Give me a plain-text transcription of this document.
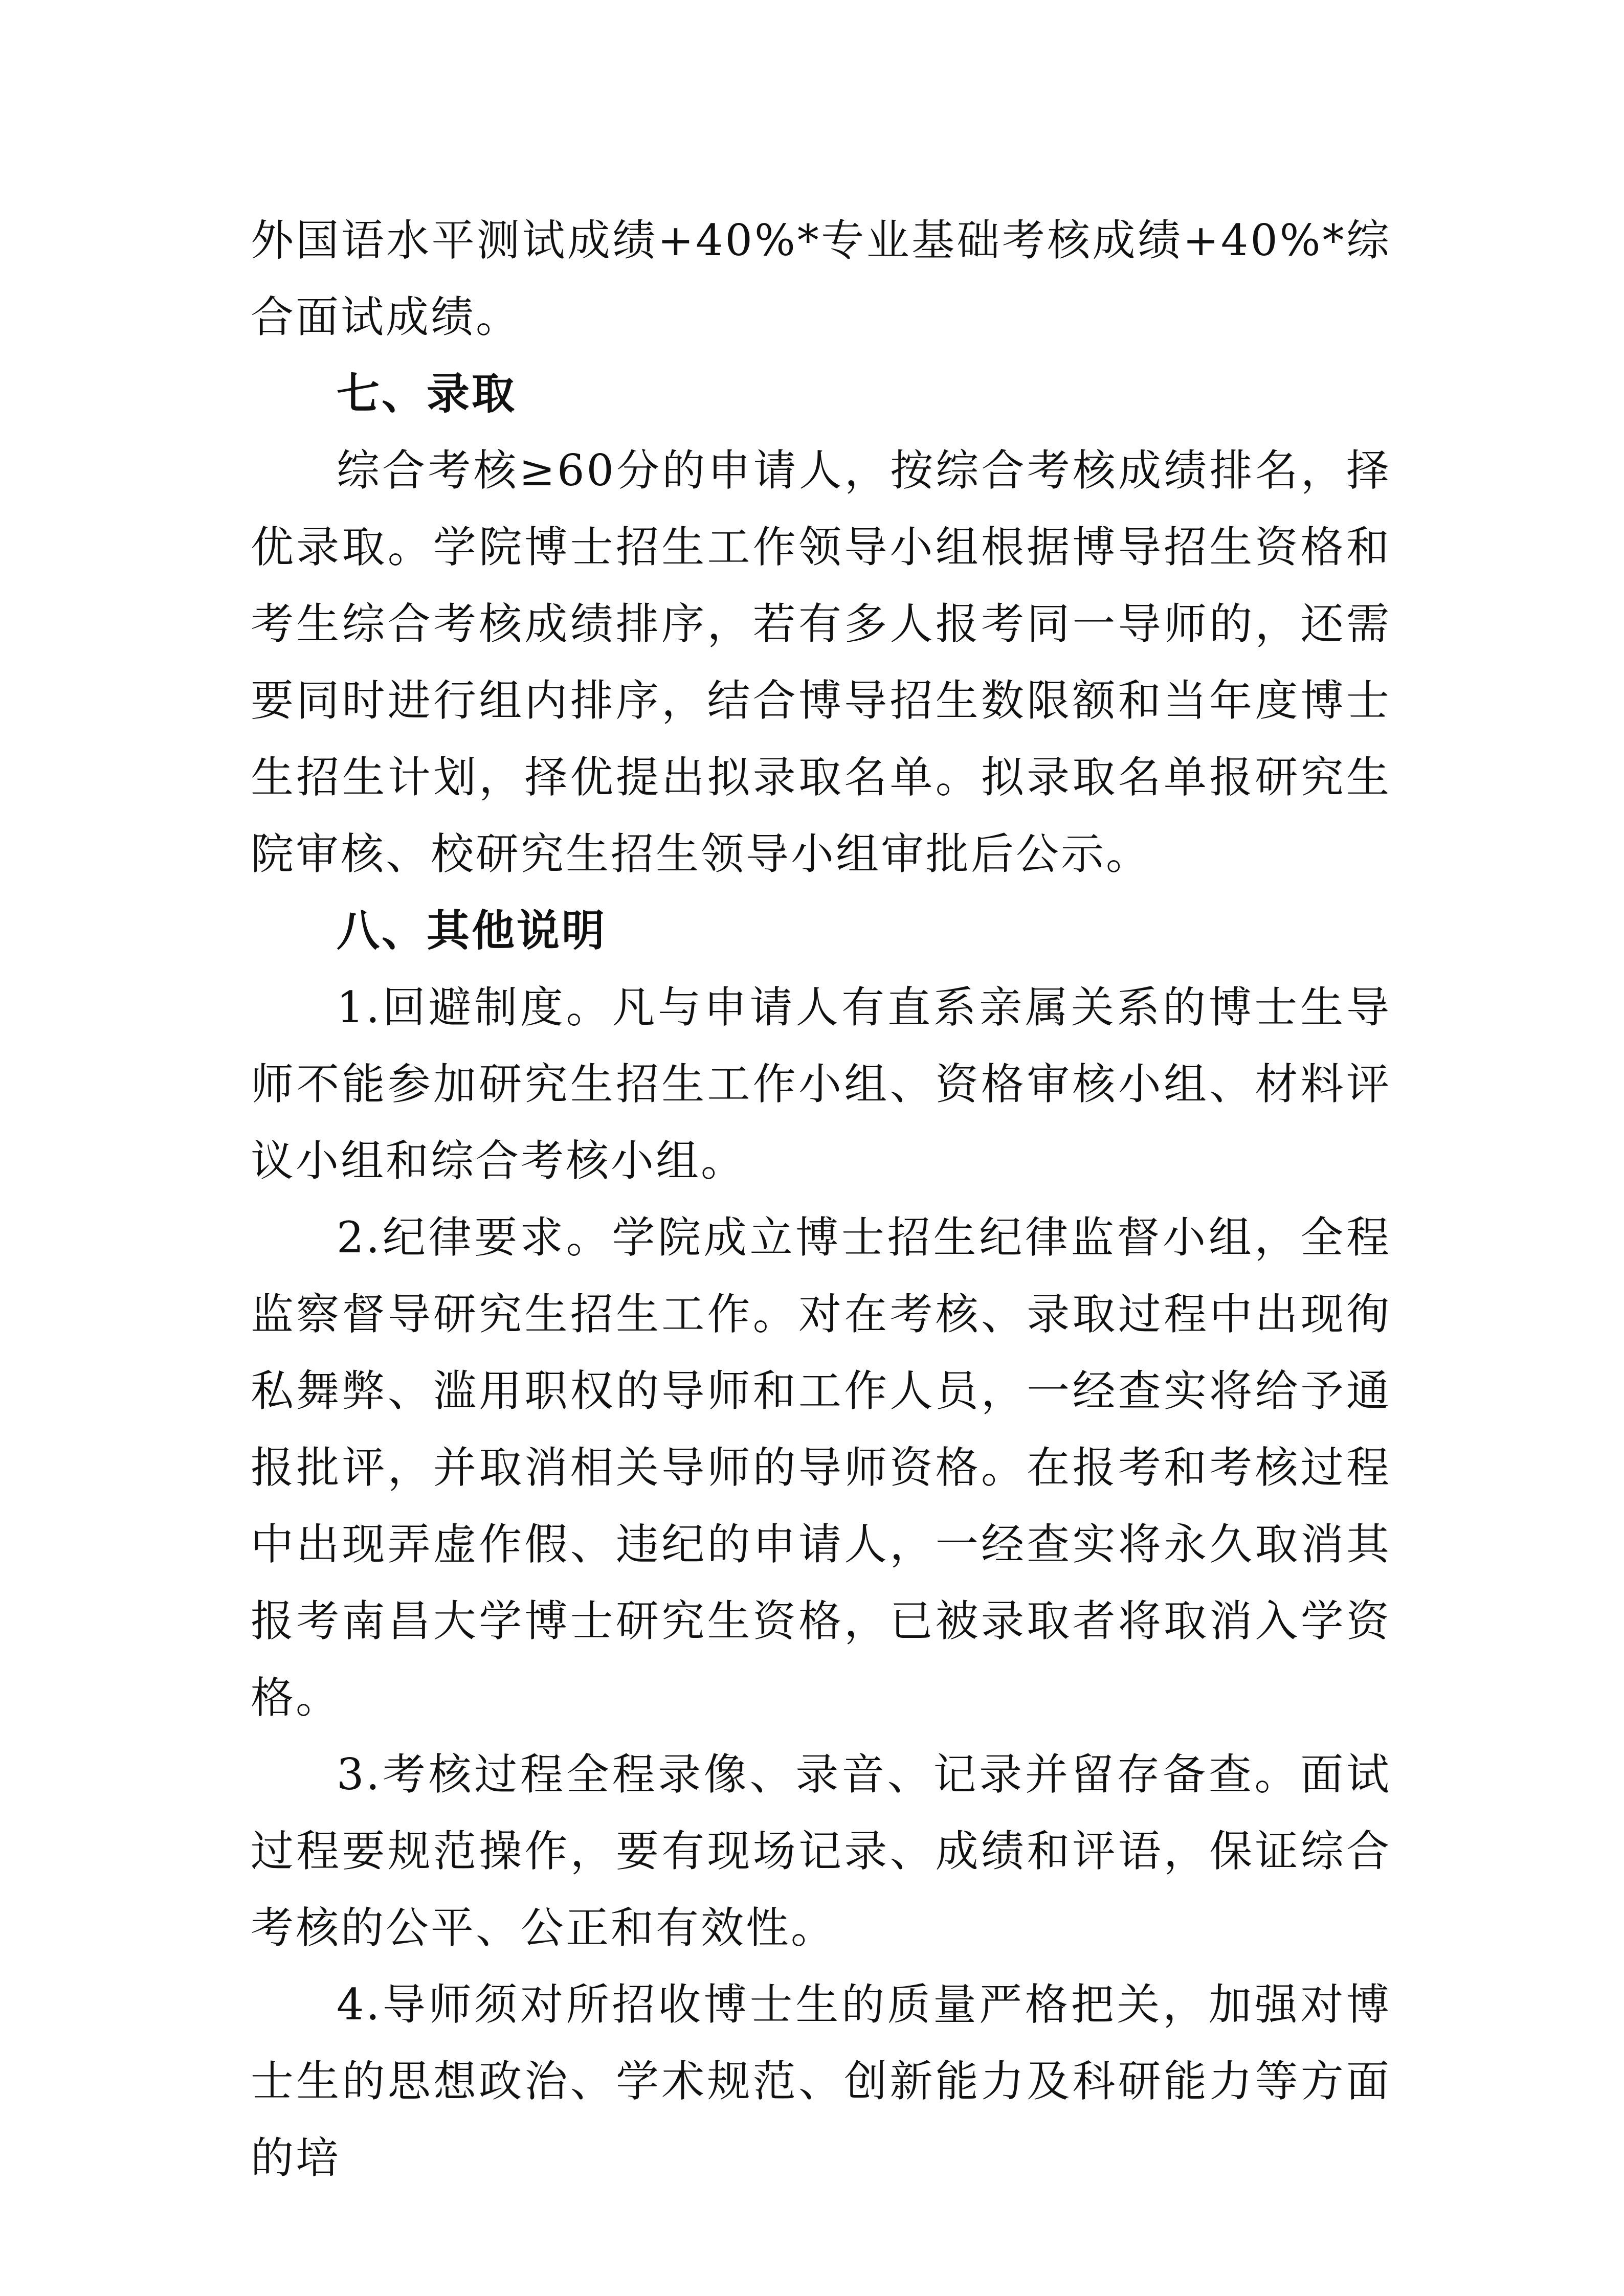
外国语水平测试成绩+40%*专业基础考核成绩+40%*综合面试成绩。

七、录取

综合考核≥60分的申请人，按综合考核成绩排名，择优录取。学院博士招生工作领导小组根据博导招生资格和考生综合考核成绩排序，若有多人报考同一导师的，还需要同时进行组内排序，结合博导招生数限额和当年度博士生招生计划，择优提出拟录取名单。拟录取名单报研究生院审核、校研究生招生领导小组审批后公示。

八、其他说明

1.回避制度。凡与申请人有直系亲属关系的博士生导师不能参加研究生招生工作小组、资格审核小组、材料评议小组和综合考核小组。

2.纪律要求。学院成立博士招生纪律监督小组，全程监察督导研究生招生工作。对在考核、录取过程中出现徇私舞弊、滥用职权的导师和工作人员，一经查实将给予通报批评，并取消相关导师的导师资格。在报考和考核过程中出现弄虚作假、违纪的申请人，一经查实将永久取消其报考南昌大学博士研究生资格，已被录取者将取消入学资格。

3.考核过程全程录像、录音、记录并留存备查。面试过程要规范操作，要有现场记录、成绩和评语，保证综合考核的公平、公正和有效性。

4.导师须对所招收博士生的质量严格把关，加强对博士生的思想政治、学术规范、创新能力及科研能力等方面的培
